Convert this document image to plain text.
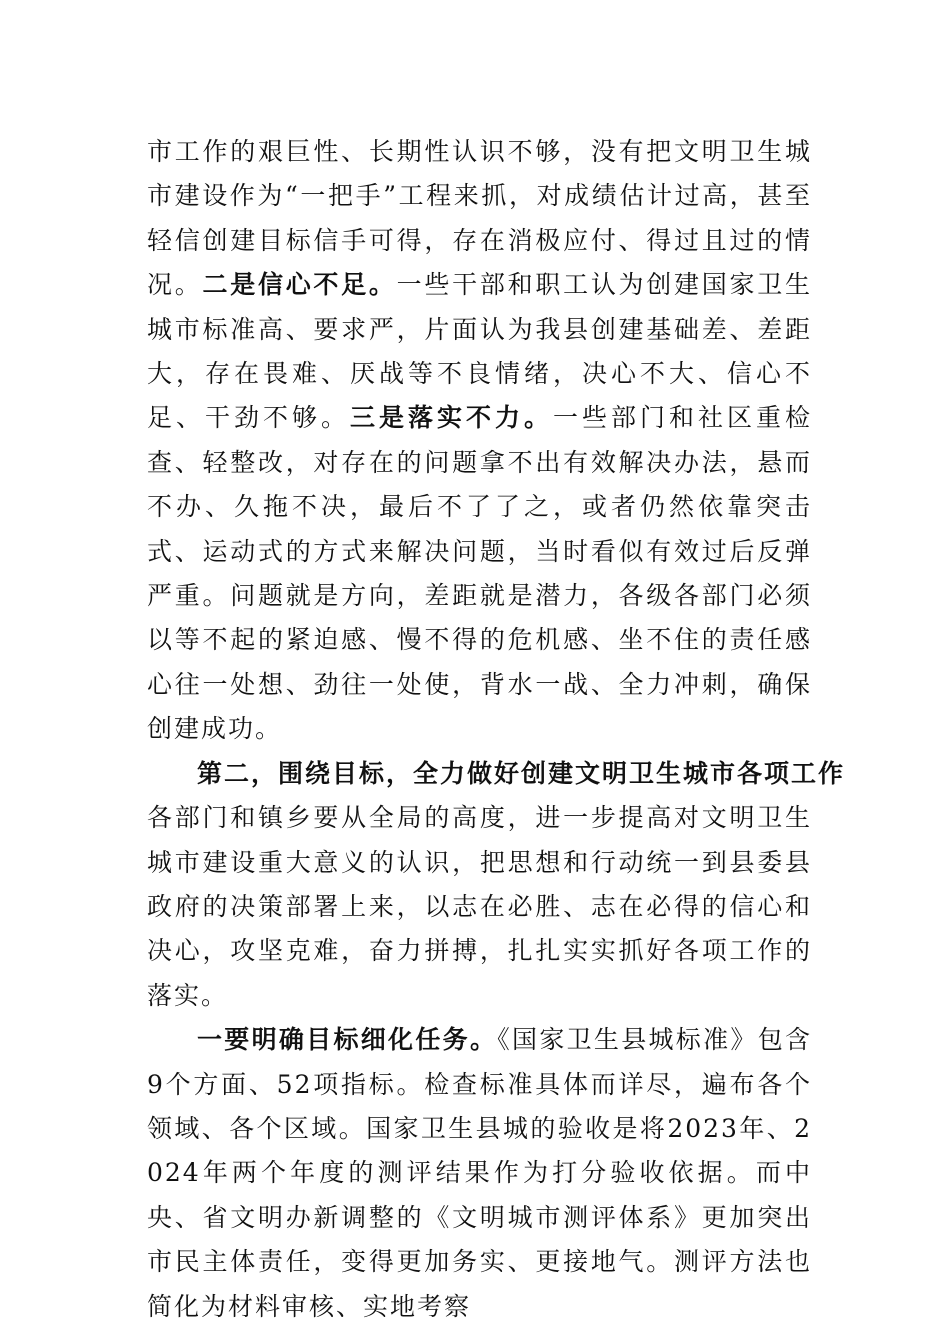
市工作的艰巨性、长期性认识不够，没有把文明卫生城市建设作为“一把手”工程来抓，对成绩估计过高，甚至轻信创建目标信手可得，存在消极应付、得过且过的情况。二是信心不足。一些干部和职工认为创建国家卫生城市标准高、要求严，片面认为我县创建基础差、差距大，存在畏难、厌战等不良情绪，决心不大、信心不足、干劲不够。三是落实不力。一些部门和社区重检查、轻整改，对存在的问题拿不出有效解决办法，悬而不办、久拖不决，最后不了了之，或者仍然依靠突击式、运动式的方式来解决问题，当时看似有效过后反弹严重。问题就是方向，差距就是潜力，各级各部门必须以等不起的紧迫感、慢不得的危机感、坐不住的责任感心往一处想、劲往一处使，背水一战、全力冲刺，确保创建成功。

第二，围绕目标，全力做好创建文明卫生城市各项工作

各部门和镇乡要从全局的高度，进一步提高对文明卫生城市建设重大意义的认识，把思想和行动统一到县委县政府的决策部署上来，以志在必胜、志在必得的信心和决心，攻坚克难，奋力拼搏，扎扎实实抓好各项工作的落实。

一要明确目标细化任务。《国家卫生县城标准》包含9个方面、52项指标。检查标准具体而详尽，遍布各个领域、各个区域。国家卫生县城的验收是将2023年、2024年两个年度的测评结果作为打分验收依据。而中央、省文明办新调整的《文明城市测评体系》更加突出市民主体责任，变得更加务实、更接地气。测评方法也简化为材料审核、实地考察
